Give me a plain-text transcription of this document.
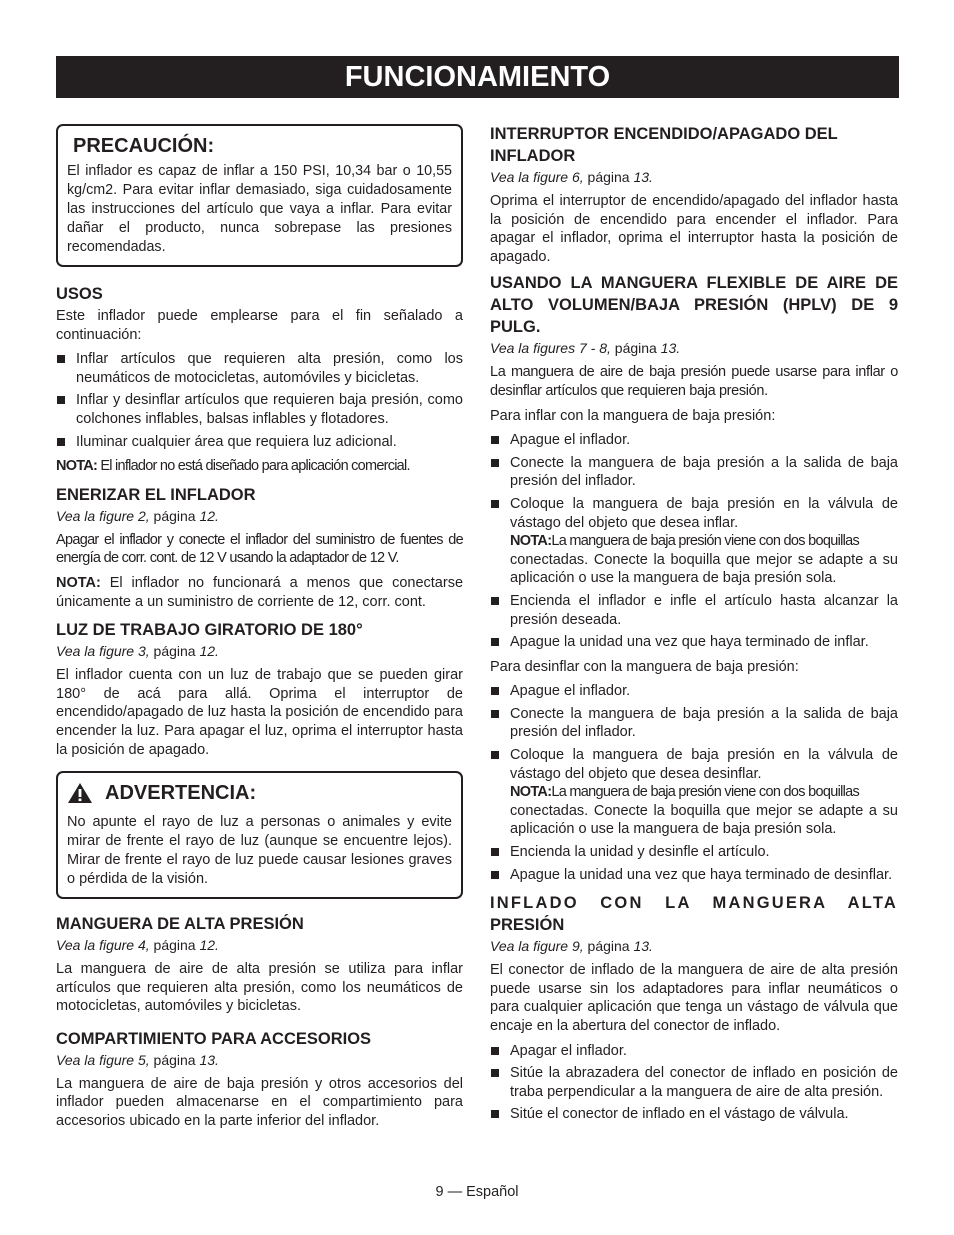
FUNCIONAMIENTO
PRECAUCIÓN:

El inflador es capaz de inflar a 150 PSI, 10,34 bar o 10,55 kg/cm2. Para evitar inflar demasiado, siga cuidadosamente las instrucciones del artículo que vaya a inflar. Para evitar dañar el producto, nunca sobrepase las presiones recomendadas.

USOS

Este inflador puede emplearse para el fin señalado a continuación:

Inflar artículos que requieren alta presión, como los neumáticos de motocicletas, automóviles y bicicletas.
Inflar y desinflar artículos que requieren baja presión, como colchones inflables, balsas inflables y flotadores.
Iluminar cualquier área que requiera luz adicional.

NOTA: El inflador no está diseñado para aplicación comercial.

ENERIZAR EL INFLADOR
Vea la figure 2, página 12.

Apagar el inflador y conecte el inflador del suministro de fuentes de energía de corr. cont. de 12 V usando la adaptador de 12 V.

NOTA: El inflador no funcionará a menos que conectarse únicamente a un suministro de corriente de 12, corr. cont.

LUZ DE TRABAJO GIRATORIO DE 180°
Vea la figure 3, página 12.

El inflador cuenta con un luz de trabajo que se pueden girar 180° de acá para allá. Oprima el interruptor de encendido/apagado de luz hasta la posición de encendido para encender la luz. Para apagar el luz, oprima el interruptor hasta la posición de apagado.

ADVERTENCIA:

No apunte el rayo de luz a personas o animales y evite mirar de frente el rayo de luz (aunque se encuentre lejos). Mirar de frente el rayo de luz puede causar lesiones graves o pérdida de la visión.

MANGUERA DE ALTA PRESIÓN
Vea la figure 4, página 12.

La manguera de aire de alta presión se utiliza para inflar artículos que requieren alta presión, como los neumáticos de motocicletas, automóviles y bicicletas.

COMPARTIMIENTO PARA ACCESORIOS
Vea la figure 5, página 13.

La manguera de aire de baja presión y otros accesorios del inflador pueden almacenarse en el compartimiento para accesorios ubicado en la parte inferior del inflador.

INTERRUPTOR ENCENDIDO/APAGADO DEL INFLADOR
Vea la figure 6, página 13.

Oprima el interruptor de encendido/apagado del inflador hasta la posición de encendido para encender el inflador. Para apagar el inflador, oprima el interruptor hasta la posición de apagado.

USANDO LA MANGUERA FLEXIBLE DE AIRE DE ALTO VOLUMEN/BAJA PRESIÓN (HPLV) DE 9 PULG.
Vea la figures 7 - 8, página 13.

La manguera de aire de baja presión puede usarse para inflar o desinflar artículos que requieren baja presión.

Para inflar con la manguera de baja presión:

Apague el inflador.
Conecte la manguera de baja presión a la salida de baja presión del inflador.
Coloque la manguera de baja presión en la válvula de vástago del objeto que desea inflar.
NOTA:La manguera de baja presión viene con dos boquillas
conectadas. Conecte la boquilla que mejor se adapte a su aplicación o use la manguera de baja presión sola.
Encienda el inflador e infle el artículo hasta alcanzar la presión deseada.
Apague la unidad una vez que haya terminado de inflar.

Para desinflar con la manguera de baja presión:

Apague el inflador.
Conecte la manguera de baja presión a la salida de baja presión del inflador.
Coloque la manguera de baja presión en la válvula de vástago del objeto que desea desinflar.
NOTA:La manguera de baja presión viene con dos boquillas
conectadas. Conecte la boquilla que mejor se adapte a su aplicación o use la manguera de baja presión sola.
Encienda la unidad y desinfle el artículo.
Apague la unidad una vez que haya terminado de desinflar.
INFLADO CON LA MANGUERA ALTA
PRESIÓN
Vea la figure 9, página 13.

El conector de inflado de la manguera de aire de alta presión puede usarse sin los adaptadores para inflar neumáticos o para cualquier aplicación que tenga un vástago de válvula que encaje en la abertura del conector de inflado.

Apagar el inflador.
Sitúe la abrazadera del conector de inflado en posición de traba perpendicular a la manguera de aire de alta presión.
Sitúe el conector de inflado en el vástago de válvula.
9 — Español
